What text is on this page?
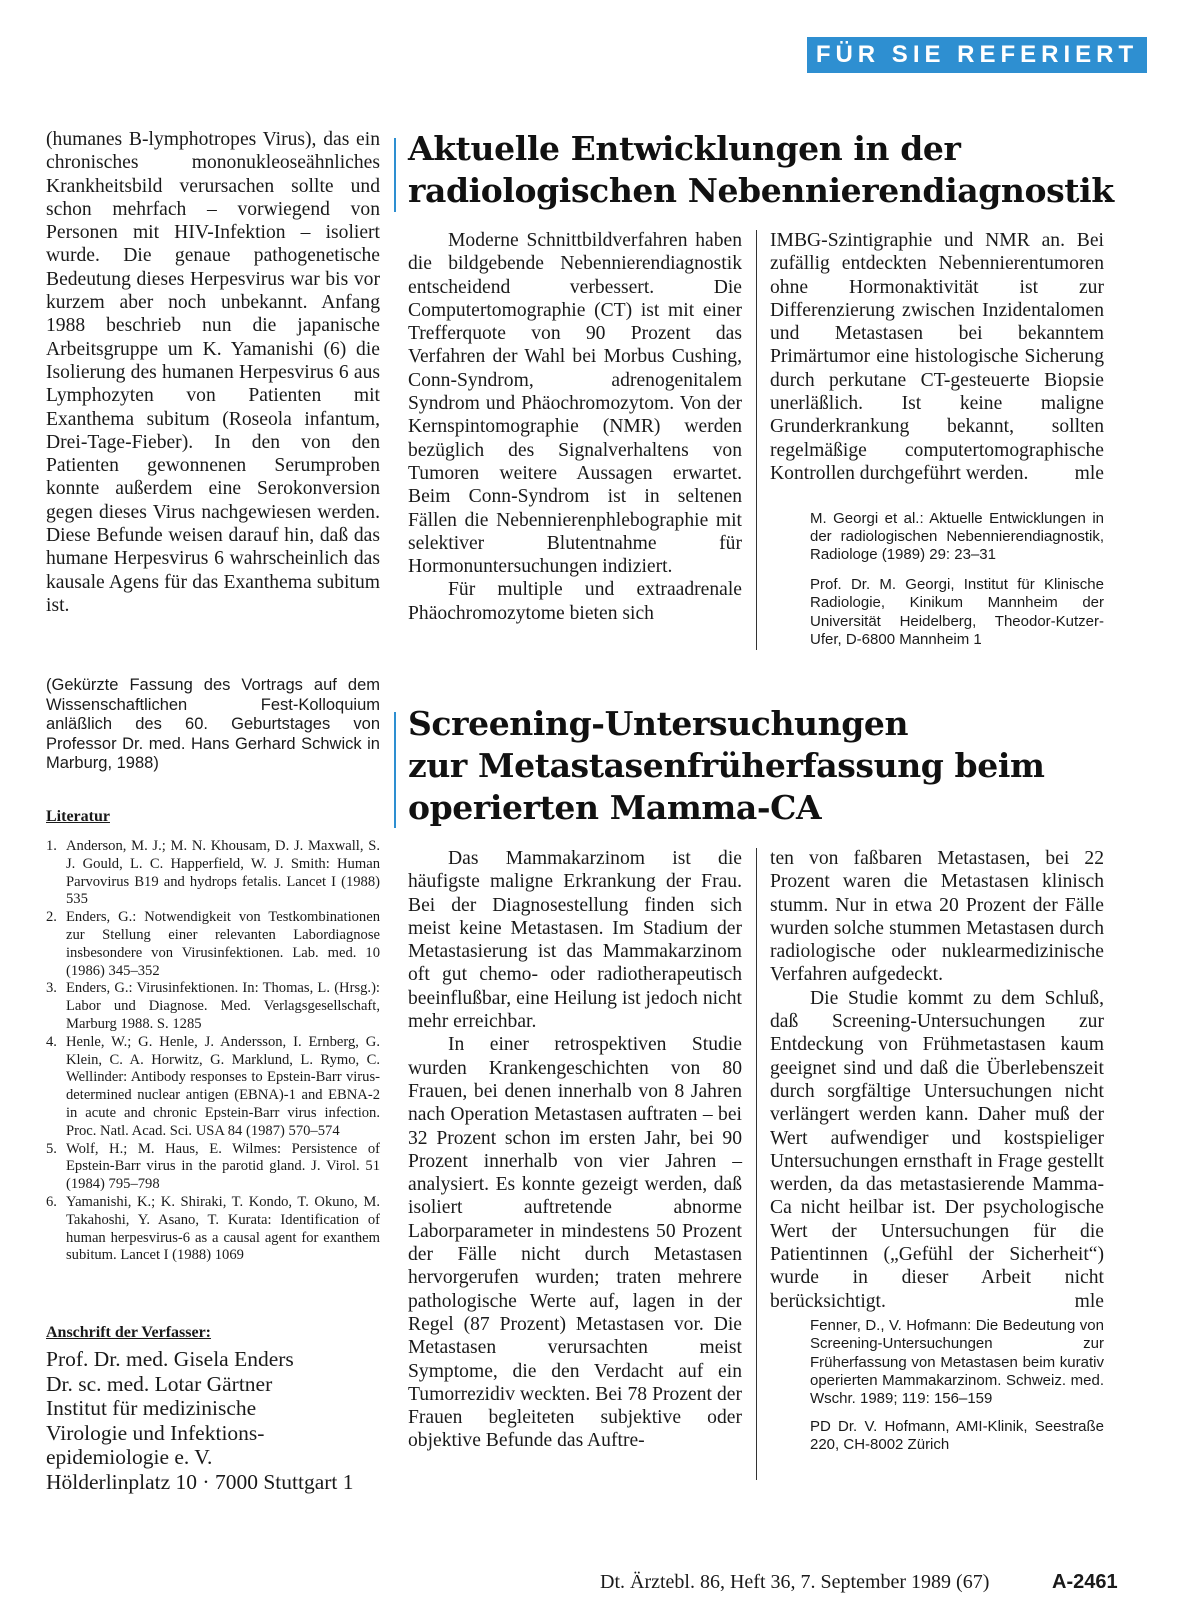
FÜR SIE REFERIERT

(humanes B-lymphotropes Virus), das ein chronisches mononukleoseähnliches Krankheitsbild verursachen sollte und schon mehrfach – vorwiegend von Personen mit HIV-Infektion – isoliert wurde. Die genaue pathogenetische Bedeutung dieses Herpesvirus war bis vor kurzem aber noch unbekannt. Anfang 1988 beschrieb nun die japanische Arbeitsgruppe um K. Yamanishi (6) die Isolierung des humanen Herpesvirus 6 aus Lymphozyten von Patienten mit Exanthema subitum (Roseola infantum, Drei-Tage-Fieber). In den von den Patienten gewonnenen Serumproben konnte außerdem eine Serokonversion gegen dieses Virus nachgewiesen werden. Diese Befunde weisen darauf hin, daß das humane Herpesvirus 6 wahrscheinlich das kausale Agens für das Exanthema subitum ist.

(Gekürzte Fassung des Vortrags auf dem Wissenschaftlichen Fest-Kolloquium anläßlich des 60. Geburtstages von Professor Dr. med. Hans Gerhard Schwick in Marburg, 1988)

Literatur

1. Anderson, M. J.; M. N. Khousam, D. J. Maxwall, S. J. Gould, L. C. Happerfield, W. J. Smith: Human Parvovirus B19 and hydrops fetalis. Lancet I (1988) 535
2. Enders, G.: Notwendigkeit von Testkombinationen zur Stellung einer relevanten Labordiagnose insbesondere von Virusinfektionen. Lab. med. 10 (1986) 345–352
3. Enders, G.: Virusinfektionen. In: Thomas, L. (Hrsg.): Labor und Diagnose. Med. Verlagsgesellschaft, Marburg 1988. S. 1285
4. Henle, W.; G. Henle, J. Andersson, I. Ernberg, G. Klein, C. A. Horwitz, G. Marklund, L. Rymo, C. Wellinder: Antibody responses to Epstein-Barr virus-determined nuclear antigen (EBNA)-1 and EBNA-2 in acute and chronic Epstein-Barr virus infection. Proc. Natl. Acad. Sci. USA 84 (1987) 570–574
5. Wolf, H.; M. Haus, E. Wilmes: Persistence of Epstein-Barr virus in the parotid gland. J. Virol. 51 (1984) 795–798
6. Yamanishi, K.; K. Shiraki, T. Kondo, T. Okuno, M. Takahoshi, Y. Asano, T. Kurata: Identification of human herpesvirus-6 as a causal agent for exanthem subitum. Lancet I (1988) 1069

Anschrift der Verfasser:

Prof. Dr. med. Gisela Enders

Dr. sc. med. Lotar Gärtner

Institut für medizinische

Virologie und Infektions-

epidemiologie e. V.

Hölderlinplatz 10 · 7000 Stuttgart 1

Aktuelle Entwicklungen in der
radiologischen Nebennierendiagnostik

Moderne Schnittbildverfahren haben die bildgebende Nebennierendiagnostik entscheidend verbessert. Die Computertomographie (CT) ist mit einer Trefferquote von 90 Prozent das Verfahren der Wahl bei Morbus Cushing, Conn-Syndrom, adrenogenitalem Syndrom und Phäochromozytom. Von der Kernspintomographie (NMR) werden bezüglich des Signalverhaltens von Tumoren weitere Aussagen erwartet. Beim Conn-Syndrom ist in seltenen Fällen die Nebennierenphlebographie mit selektiver Blutentnahme für Hormonuntersuchungen indiziert.

Für multiple und extraadrenale Phäochromozytome bieten sich

IMBG-Szintigraphie und NMR an. Bei zufällig entdeckten Nebennierentumoren ohne Hormonaktivität ist zur Differenzierung zwischen Inzidentalomen und Metastasen bei bekanntem Primärtumor eine histologische Sicherung durch perkutane CT-gesteuerte Biopsie unerläßlich. Ist keine maligne Grunderkrankung bekannt, sollten regelmäßige computertomographische Kontrollen durchgeführt werden.	mle

M. Georgi et al.: Aktuelle Entwicklungen in der radiologischen Nebennierendiagnostik, Radiologe (1989) 29: 23–31

Prof. Dr. M. Georgi, Institut für Klinische Radiologie, Kinikum Mannheim der Universität Heidelberg, Theodor-Kutzer-Ufer, D-6800 Mannheim 1

Screening-Untersuchungen
zur Metastasenfrüherfassung beim
operierten Mamma-CA

Das Mammakarzinom ist die häufigste maligne Erkrankung der Frau. Bei der Diagnosestellung finden sich meist keine Metastasen. Im Stadium der Metastasierung ist das Mammakarzinom oft gut chemo- oder radiotherapeutisch beeinflußbar, eine Heilung ist jedoch nicht mehr erreichbar.

In einer retrospektiven Studie wurden Krankengeschichten von 80 Frauen, bei denen innerhalb von 8 Jahren nach Operation Metastasen auftraten – bei 32 Prozent schon im ersten Jahr, bei 90 Prozent innerhalb von vier Jahren – analysiert. Es konnte gezeigt werden, daß isoliert auftretende abnorme Laborparameter in mindestens 50 Prozent der Fälle nicht durch Metastasen hervorgerufen wurden; traten mehrere pathologische Werte auf, lagen in der Regel (87 Prozent) Metastasen vor. Die Metastasen verursachten meist Symptome, die den Verdacht auf ein Tumorrezidiv weckten. Bei 78 Prozent der Frauen begleiteten subjektive oder objektive Befunde das Auftre-

ten von faßbaren Metastasen, bei 22 Prozent waren die Metastasen klinisch stumm. Nur in etwa 20 Prozent der Fälle wurden solche stummen Metastasen durch radiologische oder nuklearmedizinische Verfahren aufgedeckt.

Die Studie kommt zu dem Schluß, daß Screening-Untersuchungen zur Entdeckung von Frühmetastasen kaum geeignet sind und daß die Überlebenszeit durch sorgfältige Untersuchungen nicht verlängert werden kann. Daher muß der Wert aufwendiger und kostspieliger Untersuchungen ernsthaft in Frage gestellt werden, da das metastasierende Mamma-Ca nicht heilbar ist. Der psychologische Wert der Untersuchungen für die Patientinnen („Gefühl der Sicherheit“) wurde in dieser Arbeit nicht berücksichtigt.	mle

Fenner, D., V. Hofmann: Die Bedeutung von Screening-Untersuchungen zur Früherfassung von Metastasen beim kurativ operierten Mammakarzinom. Schweiz. med. Wschr. 1989; 119: 156–159

PD Dr. V. Hofmann, AMI-Klinik, Seestraße 220, CH-8002 Zürich

Dt. Ärztebl. 86, Heft 36, 7. September 1989 (67)	A-2461
